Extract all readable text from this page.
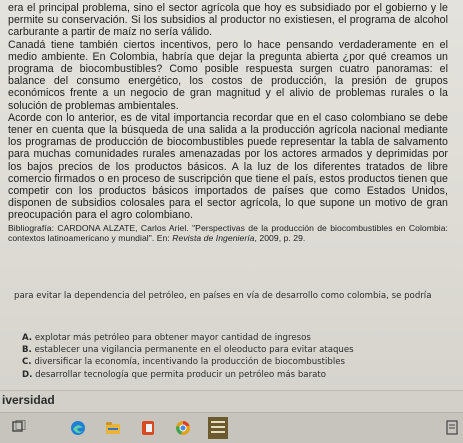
era el principal problema, sino el sector agrícola que hoy es subsidiado por el gobierno y le permite su conservación. Si los subsidios al productor no existiesen, el programa de alcohol carburante a partir de maíz no sería válido.

Canadá tiene también ciertos incentivos, pero lo hace pensando verdaderamente en el medio ambiente. En Colombia, habría que dejar la pregunta abierta ¿por qué creamos un programa de biocombustibles? Como posible respuesta surgen cuatro panoramas: el balance del consumo energético, los costos de producción, la presión de grupos económicos frente a un negocio de gran magnitud y el alivio de problemas rurales o la solución de problemas ambientales.

Acorde con lo anterior, es de vital importancia recordar que en el caso colombiano se debe tener en cuenta que la búsqueda de una salida a la producción agrícola nacional mediante los programas de producción de biocombustibles puede representar la tabla de salvamento para muchas comunidades rurales amenazadas por los actores armados y deprimidas por los bajos precios de los productos básicos. A la luz de los diferentes tratados de libre comercio firmados o en proceso de suscripción que tiene el país, estos productos tienen que competir con los productos básicos importados de países que como Estados Unidos, disponen de subsidios colosales para el sector agrícola, lo que supone un motivo de gran preocupación para el agro colombiano.

Bibliografía: CARDONA ALZATE, Carlos Ariel. "Perspectivas de la producción de biocombustibles en Colombia: contextos latinoamericano y mundial". En: Revista de Ingeniería, 2009, p. 29.
para evitar la dependencia del petróleo, en países en vía de desarrollo como colombia, se podría
A. explotar más petróleo para obtener mayor cantidad de ingresos
B. establecer una vigilancia permanente en el oleoducto para evitar ataques
C. diversificar la economía, incentivando la producción de biocombustibles
D. desarrollar tecnología que permita producir un petróleo más barato
iversidad
